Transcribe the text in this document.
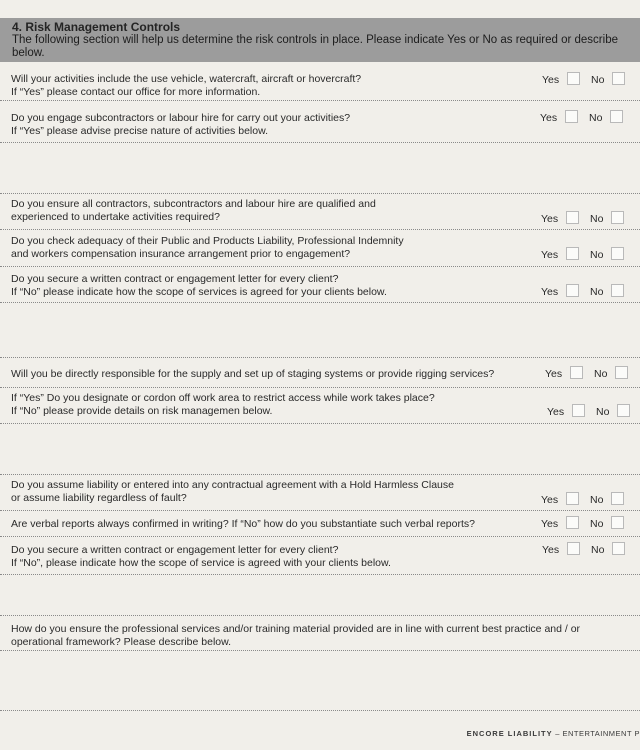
4. Risk Management Controls
The following section will help us determine the risk controls in place. Please indicate Yes or No as required or describe below.
Will your activities include the use vehicle, watercraft, aircraft or hovercraft?
If “Yes” please contact our office for more information.
Yes	No
Do you engage subcontractors or labour hire for carry out your activities?
If “Yes” please advise precise nature of activities below.
Yes	No
Do you ensure all contractors, subcontractors and labour hire are qualified and
experienced to undertake activities required?	Yes	No
Do you check adequacy of their Public and Products Liability, Professional Indemnity
and workers compensation insurance arrangement prior to engagement?	Yes	No
Do you secure a written contract or engagement letter for every client?
If “No” please indicate how the scope of services is agreed for your clients below.	Yes	No
Will you be directly responsible for the supply and set up of staging systems or provide rigging services?	Yes	No
If “Yes” Do you designate or cordon off work area to restrict access while work takes place?
If “No” please provide details on risk managemen below.	Yes	No
Do you assume liability or entered into any contractual agreement with a Hold Harmless Clause
or assume liability regardless of fault?	Yes	No
Are verbal reports always confirmed in writing? If “No” how do you substantiate such verbal reports?	Yes	No
Do you secure a written contract or engagement letter for every client?
If “No”, please indicate how the scope of service is agreed with your clients below.
Yes	No
How do you ensure the professional services and/or training material provided are in line with current best practice and / or
operational framework? Please describe below.
ENCORE LIABILITY – ENTERTAINMENT P
